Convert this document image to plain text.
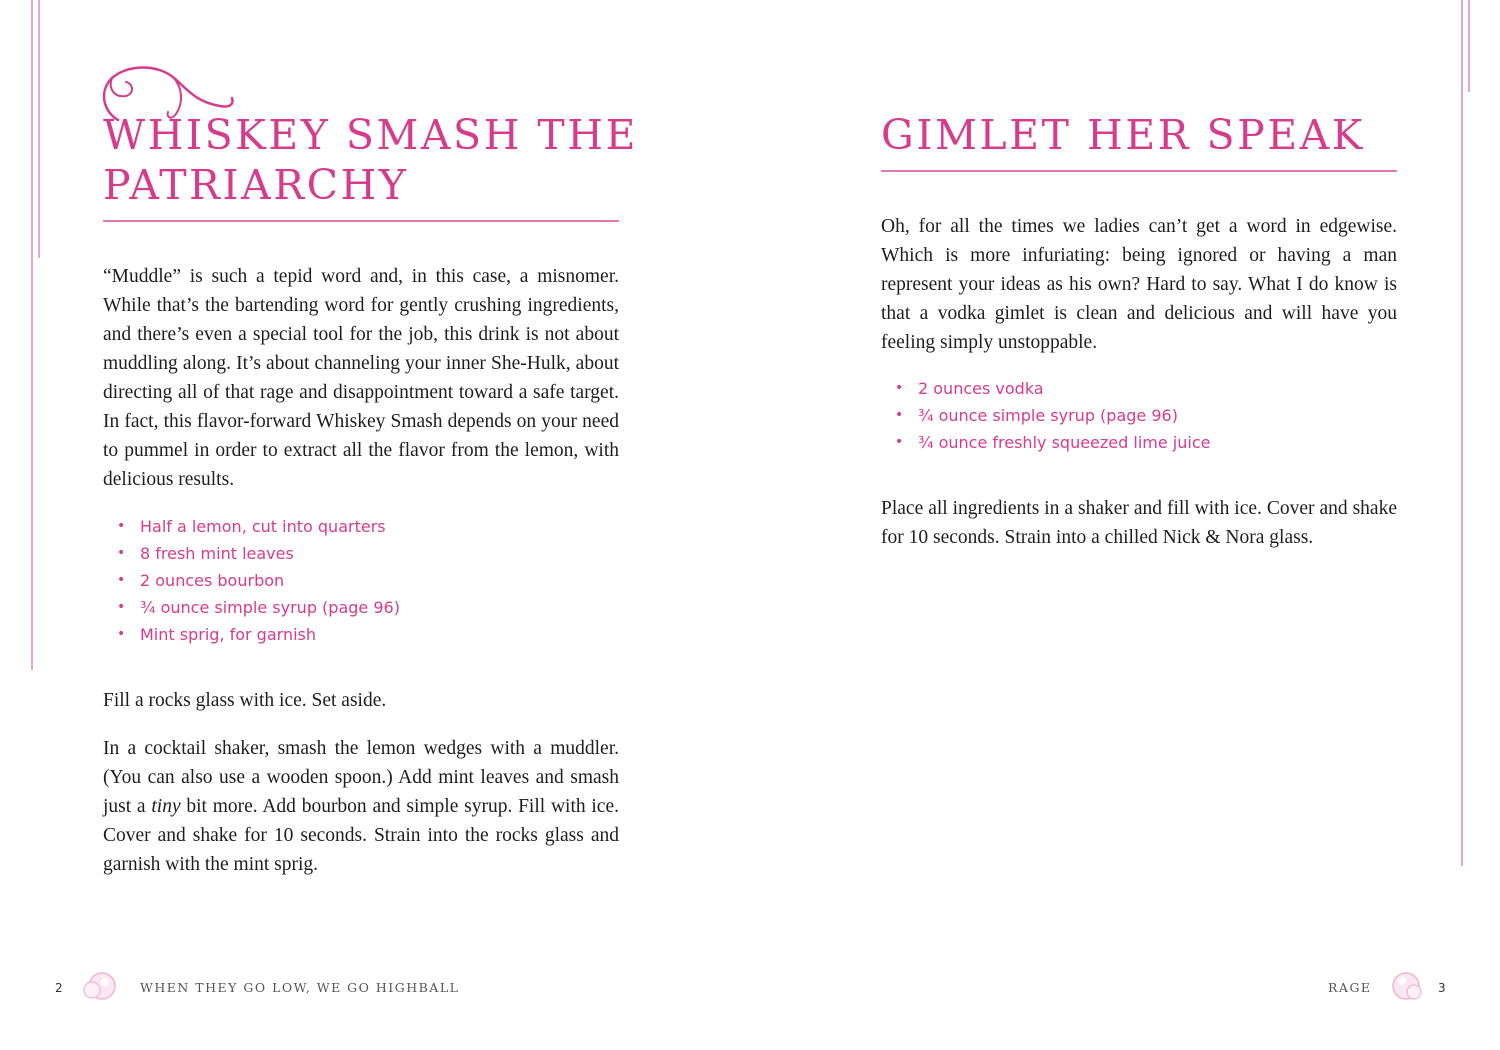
WHISKEY SMASH THE PATRIARCHY

“Muddle” is such a tepid word and, in this case, a misnomer. While that’s the bartending word for gently crushing ingredients, and there’s even a special tool for the job, this drink is not about muddling along. It’s about channeling your inner She-Hulk, about directing all of that rage and disappointment toward a safe target. In fact, this flavor-forward Whiskey Smash depends on your need to pummel in order to extract all the flavor from the lemon, with delicious results.

• Half a lemon, cut into quarters
• 8 fresh mint leaves
• 2 ounces bourbon
• ¾ ounce simple syrup (page 96)
• Mint sprig, for garnish

Fill a rocks glass with ice. Set aside.

In a cocktail shaker, smash the lemon wedges with a muddler. (You can also use a wooden spoon.) Add mint leaves and smash just a tiny bit more. Add bourbon and simple syrup. Fill with ice. Cover and shake for 10 seconds. Strain into the rocks glass and garnish with the mint sprig.

2	WHEN THEY GO LOW, WE GO HIGHBALL
GIMLET HER SPEAK

Oh, for all the times we ladies can’t get a word in edgewise. Which is more infuriating: being ignored or having a man represent your ideas as his own? Hard to say. What I do know is that a vodka gimlet is clean and delicious and will have you feeling simply unstoppable.

• 2 ounces vodka
• ¾ ounce simple syrup (page 96)
• ¾ ounce freshly squeezed lime juice

Place all ingredients in a shaker and fill with ice. Cover and shake for 10 seconds. Strain into a chilled Nick & Nora glass.

RAGE	3
